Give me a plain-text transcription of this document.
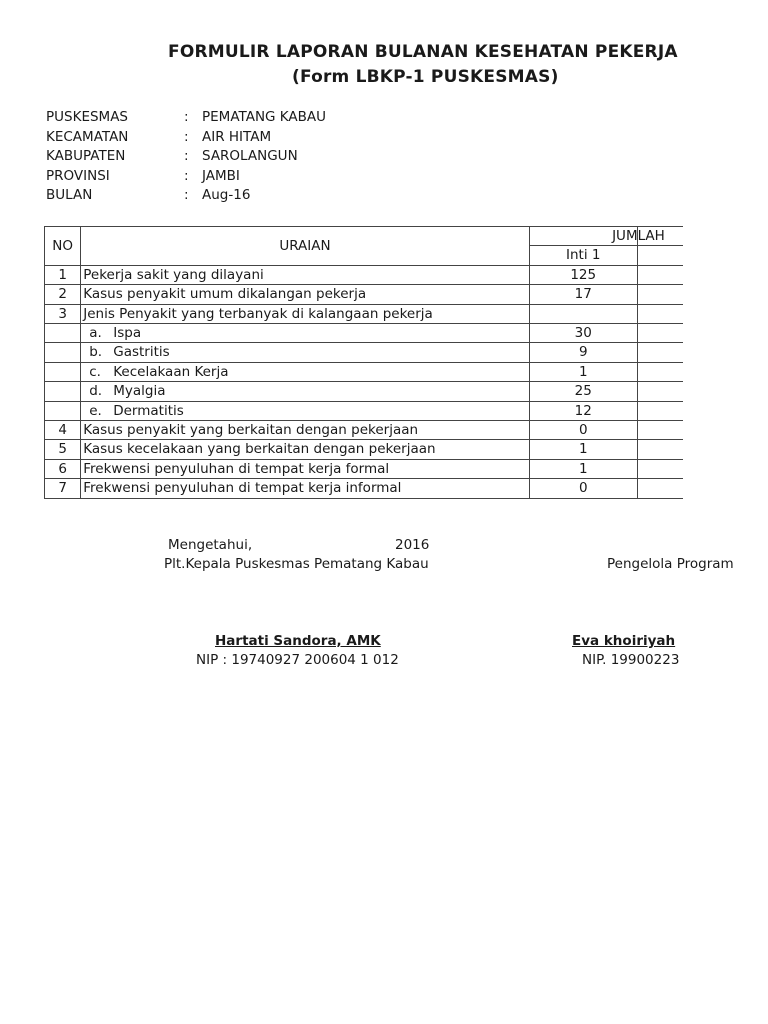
FORMULIR LAPORAN BULANAN KESEHATAN PEKERJA
(Form LBKP-1 PUSKESMAS)
PUSKESMAS	: PEMATANG KABAU
KECAMATAN	: AIR HITAM
KABUPATEN	: SAROLANGUN
PROVINSI	: JAMBI
BULAN	: Aug-16
NO	URAIAN	JUMLAH	
		Inti 1	
1	Pekerja sakit yang dilayani	125	
2	Kasus penyakit umum dikalangan pekerja	17	
3	Jenis Penyakit yang terbanyak di kalangaan pekerja		
	a. Ispa	30	
	b. Gastritis	9	
	c. Kecelakaan Kerja	1	
	d. Myalgia	25	
	e. Dermatitis	12	
4	Kasus penyakit yang berkaitan dengan pekerjaan	0	
5	Kasus kecelakaan yang berkaitan dengan pekerjaan	1	
6	Frekwensi penyuluhan di tempat kerja formal	1	
7	Frekwensi penyuluhan di tempat kerja informal	0	
Mengetahui,	2016
Plt.Kepala Puskesmas Pematang Kabau	Pengelola Program
Hartati Sandora, AMK
NIP : 19740927 200604 1 012
Eva khoiriyah
NIP. 19900223
